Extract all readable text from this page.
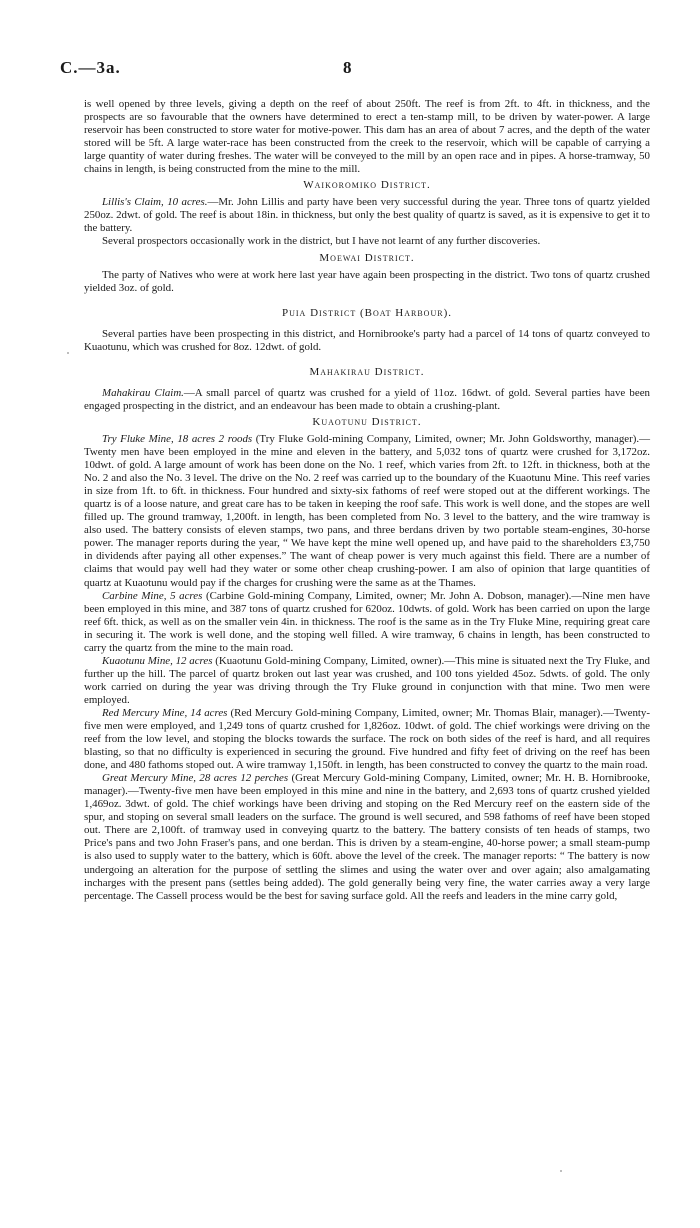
C.—3a.	8

is well opened by three levels, giving a depth on the reef of about 250ft. The reef is from 2ft. to 4ft. in thickness, and the prospects are so favourable that the owners have determined to erect a ten-stamp mill, to be driven by water-power. A large reservoir has been constructed to store water for motive-power. This dam has an area of about 7 acres, and the depth of the water stored will be 5ft. A large water-race has been constructed from the creek to the reservoir, which will be capable of carrying a large quantity of water during freshes. The water will be conveyed to the mill by an open race and in pipes. A horse-tramway, 50 chains in length, is being constructed from the mine to the mill.

Waikoromiko District.

Lillis's Claim, 10 acres.—Mr. John Lillis and party have been very successful during the year. Three tons of quartz yielded 250oz. 2dwt. of gold. The reef is about 18in. in thickness, but only the best quality of quartz is saved, as it is expensive to get it to the battery.

Several prospectors occasionally work in the district, but I have not learnt of any further discoveries.

Moewai District.

The party of Natives who were at work here last year have again been prospecting in the district. Two tons of quartz crushed yielded 3oz. of gold.

Puia District (Boat Harbour).

Several parties have been prospecting in this district, and Hornibrooke's party had a parcel of 14 tons of quartz conveyed to Kuaotunu, which was crushed for 8oz. 12dwt. of gold.

Mahakirau District.

Mahakirau Claim.—A small parcel of quartz was crushed for a yield of 11oz. 16dwt. of gold. Several parties have been engaged prospecting in the district, and an endeavour has been made to obtain a crushing-plant.

Kuaotunu District.

Try Fluke Mine, 18 acres 2 roods (Try Fluke Gold-mining Company, Limited, owner; Mr. John Goldsworthy, manager).—Twenty men have been employed in the mine and eleven in the battery, and 5,032 tons of quartz were crushed for 3,172oz. 10dwt. of gold. A large amount of work has been done on the No. 1 reef, which varies from 2ft. to 12ft. in thickness, both at the No. 2 and also the No. 3 level. The drive on the No. 2 reef was carried up to the boundary of the Kuaotunu Mine. This reef varies in size from 1ft. to 6ft. in thickness. Four hundred and sixty-six fathoms of reef were stoped out at the different workings. The quartz is of a loose nature, and great care has to be taken in keeping the roof safe. This work is well done, and the stopes are well filled up. The ground tramway, 1,200ft. in length, has been completed from No. 3 level to the battery, and the wire tramway is also used. The battery consists of eleven stamps, two pans, and three berdans driven by two portable steam-engines, 30-horse power. The manager reports during the year, “ We have kept the mine well opened up, and have paid to the shareholders £3,750 in dividends after paying all other expenses.” The want of cheap power is very much against this field. There are a number of claims that would pay well had they water or some other cheap crushing-power. I am also of opinion that large quantities of quartz at Kuaotunu would pay if the charges for crushing were the same as at the Thames.

Carbine Mine, 5 acres (Carbine Gold-mining Company, Limited, owner; Mr. John A. Dobson, manager).—Nine men have been employed in this mine, and 387 tons of quartz crushed for 620oz. 10dwts. of gold. Work has been carried on upon the large reef 6ft. thick, as well as on the smaller vein 4in. in thickness. The roof is the same as in the Try Fluke Mine, requiring great care in securing it. The work is well done, and the stoping well filled. A wire tramway, 6 chains in length, has been constructed to carry the quartz from the mine to the main road.

Kuaotunu Mine, 12 acres (Kuaotunu Gold-mining Company, Limited, owner).—This mine is situated next the Try Fluke, and further up the hill. The parcel of quartz broken out last year was crushed, and 100 tons yielded 45oz. 5dwts. of gold. The only work carried on during the year was driving through the Try Fluke ground in conjunction with that mine. Two men were employed.

Red Mercury Mine, 14 acres (Red Mercury Gold-mining Company, Limited, owner; Mr. Thomas Blair, manager).—Twenty-five men were employed, and 1,249 tons of quartz crushed for 1,826oz. 10dwt. of gold. The chief workings were driving on the reef from the low level, and stoping the blocks towards the surface. The rock on both sides of the reef is hard, and all requires blasting, so that no difficulty is experienced in securing the ground. Five hundred and fifty feet of driving on the reef has been done, and 480 fathoms stoped out. A wire tramway 1,150ft. in length, has been constructed to convey the quartz to the main road.

Great Mercury Mine, 28 acres 12 perches (Great Mercury Gold-mining Company, Limited, owner; Mr. H. B. Hornibrooke, manager).—Twenty-five men have been employed in this mine and nine in the battery, and 2,693 tons of quartz crushed yielded 1,469oz. 3dwt. of gold. The chief workings have been driving and stoping on the Red Mercury reef on the eastern side of the spur, and stoping on several small leaders on the surface. The ground is well secured, and 598 fathoms of reef have been stoped out. There are 2,100ft. of tramway used in conveying quartz to the battery. The battery consists of ten heads of stamps, two Price's pans and two John Fraser's pans, and one berdan. This is driven by a steam-engine, 40-horse power; a small steam-pump is also used to supply water to the battery, which is 60ft. above the level of the creek. The manager reports: “ The battery is now undergoing an alteration for the purpose of settling the slimes and using the water over and over again; also amalgamating incharges with the present pans (settles being added). The gold generally being very fine, the water carries away a very large percentage. The Cassell process would be the best for saving surface gold. All the reefs and leaders in the mine carry gold,
